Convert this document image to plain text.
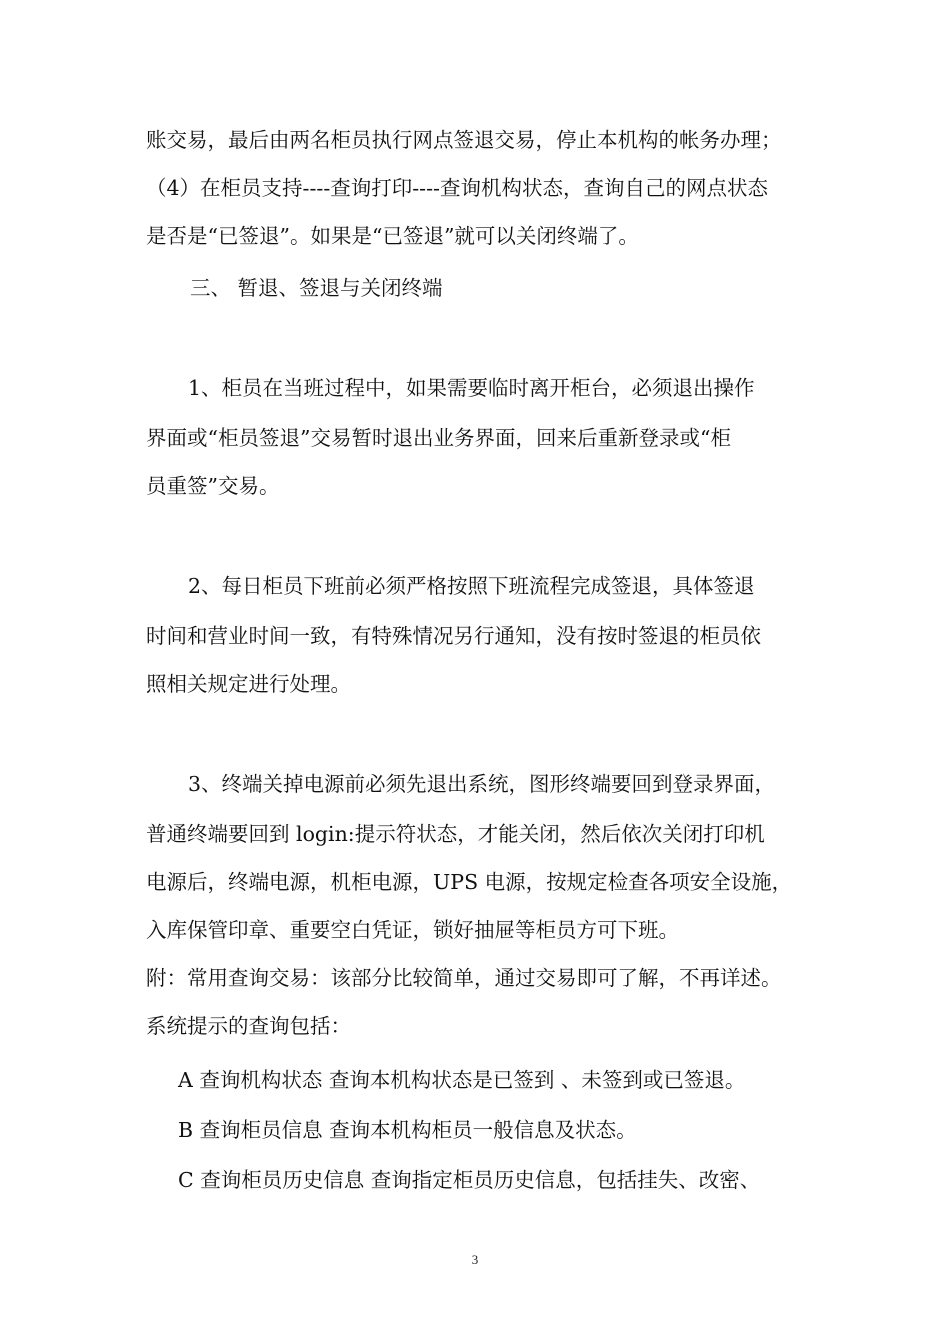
账交易，最后由两名柜员执行网点签退交易，停止本机构的帐务办理；

（4）在柜员支持----查询打印----查询机构状态，查询自己的网点状态

是否是“已签退”。如果是“已签退”就可以关闭终端了。

三、 暂退、签退与关闭终端

1、柜员在当班过程中，如果需要临时离开柜台，必须退出操作

界面或“柜员签退”交易暂时退出业务界面，回来后重新登录或“柜

员重签”交易。

2、每日柜员下班前必须严格按照下班流程完成签退，具体签退

时间和营业时间一致，有特殊情况另行通知，没有按时签退的柜员依

照相关规定进行处理。

3、终端关掉电源前必须先退出系统，图形终端要回到登录界面，

普通终端要回到 login:提示符状态，才能关闭，然后依次关闭打印机

电源后，终端电源，机柜电源，UPS 电源，按规定检查各项安全设施，

入库保管印章、重要空白凭证，锁好抽屉等柜员方可下班。

附：常用查询交易：该部分比较简单，通过交易即可了解，不再详述。

系统提示的查询包括：

A 查询机构状态 查询本机构状态是已签到 、未签到或已签退。

B 查询柜员信息 查询本机构柜员一般信息及状态。

C 查询柜员历史信息 查询指定柜员历史信息，包括挂失、改密、

3
